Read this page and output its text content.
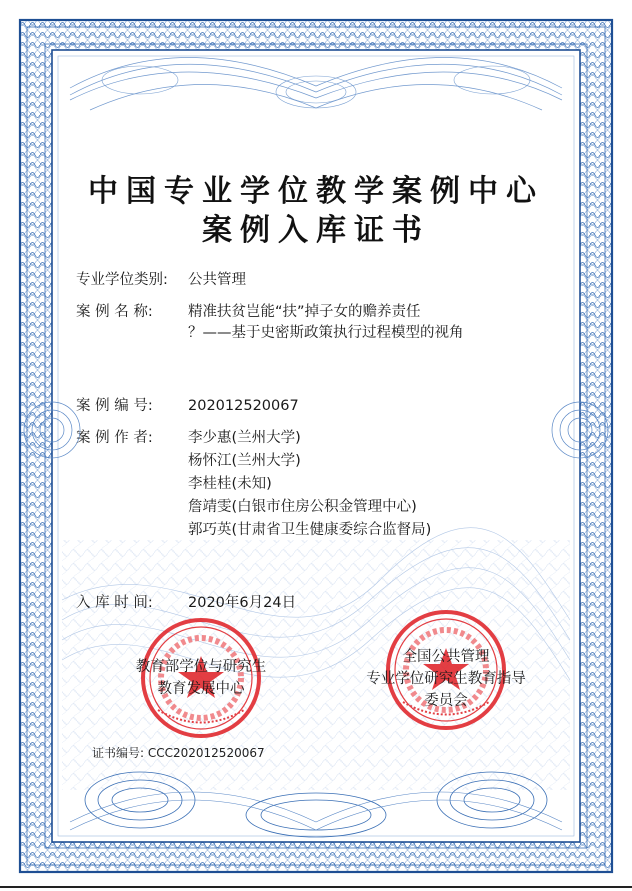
中国专业学位教学案例中心
案例入库证书
专业学位类别:	公共管理
案 例 名 称:	精准扶贫岂能“扶”掉子女的赡养责任
？——基于史密斯政策执行过程模型的视角
案 例 编 号:	202012520067
案 例 作 者:	李少惠(兰州大学)
杨怀江(兰州大学)
李桂桂(未知)
詹靖雯(白银市住房公积金管理中心)
郭巧英(甘肃省卫生健康委综合监督局)
入 库 时 间:	2020年6月24日
教育部学位与研究生
教育发展中心
全国公共管理
专业学位研究生教育指导
委员会
证书编号: CCC202012520067
